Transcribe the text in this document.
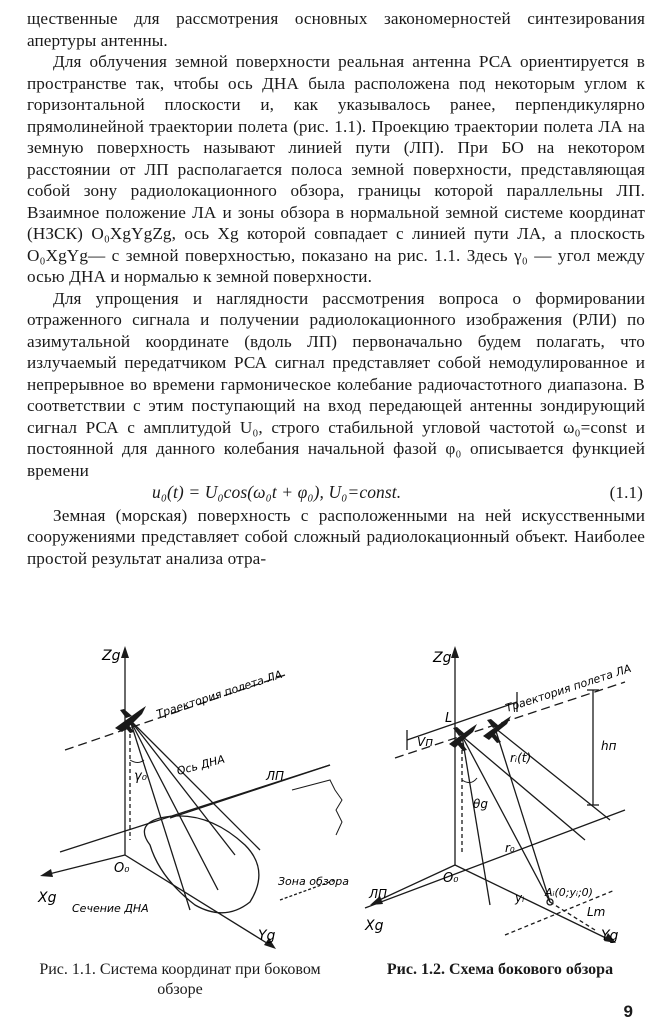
щественные для рассмотрения основных закономерностей синтезирования апертуры антенны.

Для облучения земной поверхности реальная антенна РСА ориентируется в пространстве так, чтобы ось ДНА была расположена под некоторым углом к горизонтальной плоскости и, как указывалось ранее, перпендикулярно прямолинейной траектории полета (рис. 1.1). Проекцию траектории полета ЛА на земную поверхность называют линией пути (ЛП). При БО на некотором расстоянии от ЛП располагается полоса земной поверхности, представляющая собой зону радиолокационного обзора, границы которой параллельны ЛП. Взаимное положение ЛА и зоны обзора в нормальной земной системе координат (НЗСК) O₀XgYgZg, ось Xg которой совпадает с линией пути ЛА, а плоскость O₀XgYg— с земной поверхностью, показано на рис. 1.1. Здесь γ₀ — угол между осью ДНА и нормалью к земной поверхности.

Для упрощения и наглядности рассмотрения вопроса о формировании отраженного сигнала и получении радиолокационного изображения (РЛИ) по азимутальной координате (вдоль ЛП) первоначально будем полагать, что излучаемый передатчиком РСА сигнал представляет собой немодулированное и непрерывное во времени гармоническое колебание радиочастотного диапазона. В соответствии с этим поступающий на вход передающей антенны зондирующий сигнал РСА с амплитудой U₀, строго стабильной угловой частотой ω₀=const и постоянной для данного колебания начальной фазой φ₀ описывается функцией времени

u₀(t) = U₀cos(ω₀t + φ₀), U₀=const.	(1.1)

Земная (морская) поверхность с расположенными на ней искусственными сооружениями представляет собой сложный радиолокационный объект. Наиболее простой результат анализа отра-

Zg
Xg
Yg
O₀
γ₀
Траектория полета ЛА
Ось ДНА	ЛП
Сечение ДНА
Зона обзора
Рис. 1.1. Система координат при боковом обзоре
Zg
Xg
Yg
O₀
Траектория полета ЛА
L
Vп
rᵢ(t)
hп
θg
r₀
ЛП	Aᵢ(0;yᵢ;0)
yᵢ
Lm
Рис. 1.2. Схема бокового обзора
9
